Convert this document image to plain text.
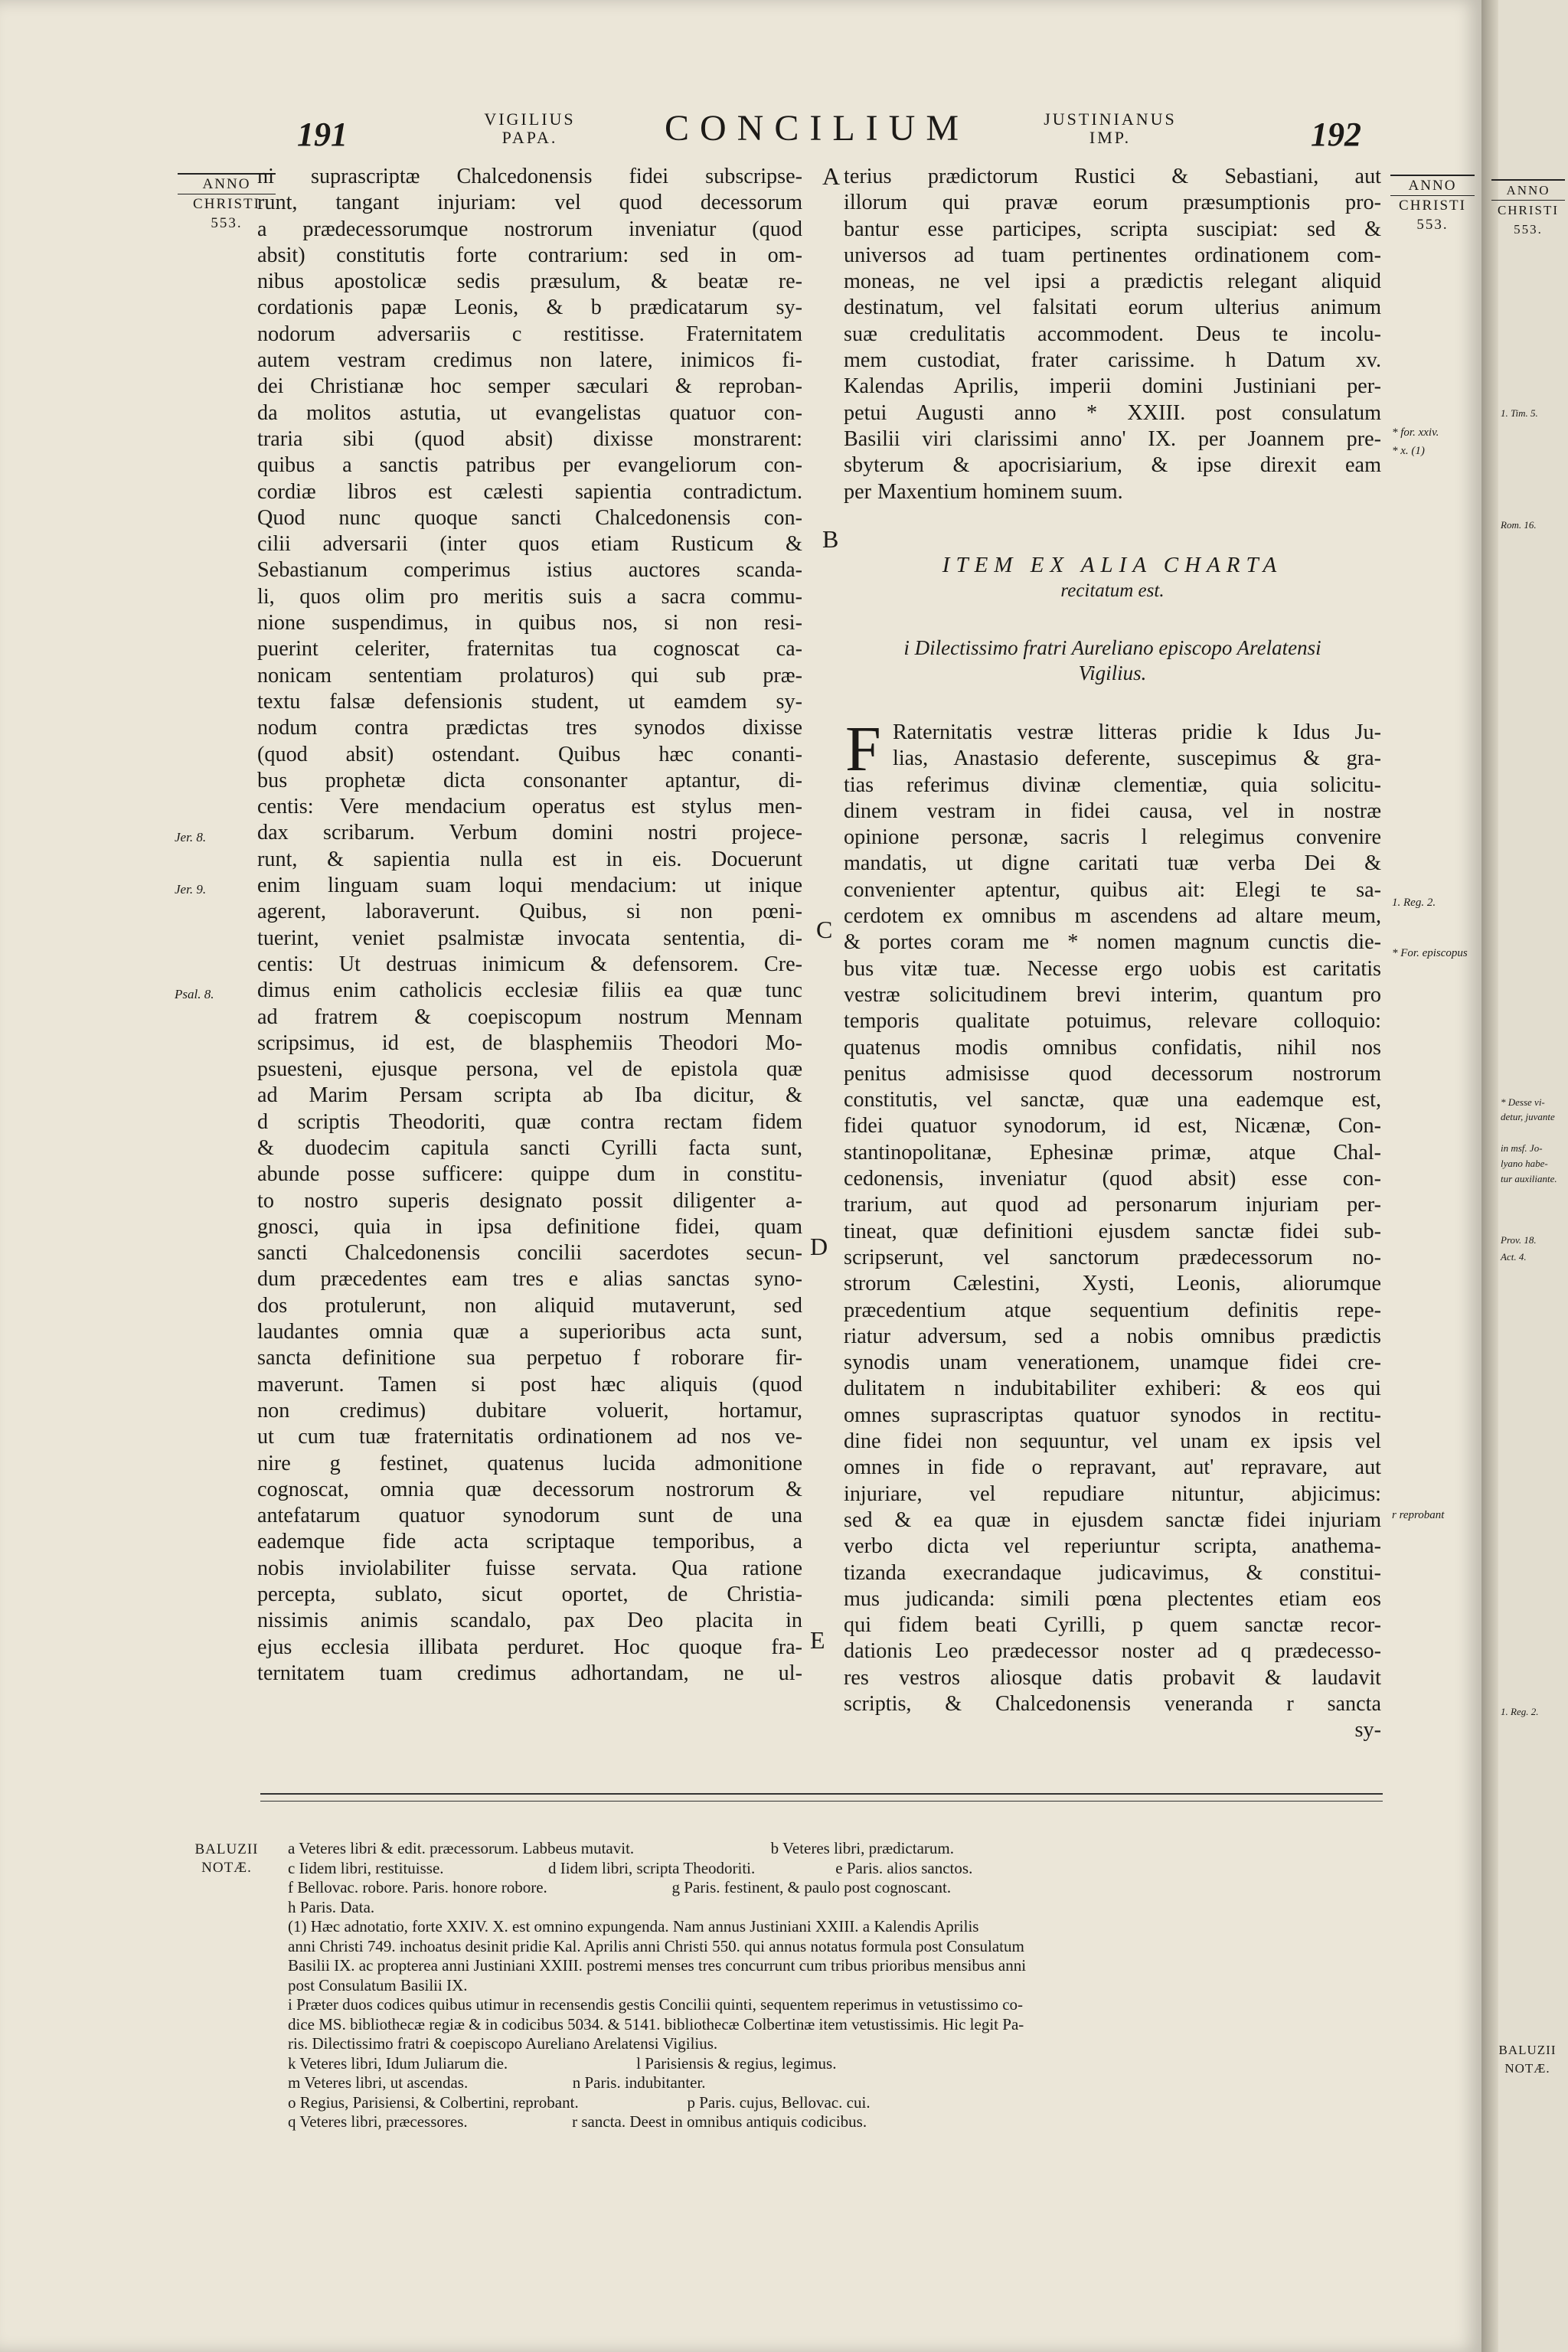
191	VIGILIUS
PAPA.	CONCILIUM	JUSTINIANUS
IMP.	192
ANNO
CHRISTI
553.
ANNO
CHRISTI
553.
ANNO
CHRISTI
553.
Jer. 8.
Jer. 9.
Psal. 8.
A
B
C
D
E

ni suprascriptæ Chalcedonensis fidei subscripse-

runt, tangant injuriam: vel quod decessorum

a prædecessorumque nostrorum inveniatur (quod

absit) constitutis forte contrarium: sed in om-

nibus apostolicæ sedis præsulum, & beatæ re-

cordationis papæ Leonis, & b prædicatarum sy-

nodorum adversariis c restitisse. Fraternitatem

autem vestram credimus non latere, inimicos fi-

dei Christianæ hoc semper sæculari & reproban-

da molitos astutia, ut evangelistas quatuor con-

traria sibi (quod absit) dixisse monstrarent:

quibus a sanctis patribus per evangeliorum con-

cordiæ libros est cælesti sapientia contradictum.

Quod nunc quoque sancti Chalcedonensis con-

cilii adversarii (inter quos etiam Rusticum &

Sebastianum comperimus istius auctores scanda-

li, quos olim pro meritis suis a sacra commu-

nione suspendimus, in quibus nos, si non resi-

puerint celeriter, fraternitas tua cognoscat ca-

nonicam sententiam prolaturos) qui sub præ-

textu falsæ defensionis student, ut eamdem sy-

nodum contra prædictas tres synodos dixisse

(quod absit) ostendant. Quibus hæc conanti-

bus prophetæ dicta consonanter aptantur, di-

centis: Vere mendacium operatus est stylus men-

dax scribarum. Verbum domini nostri projece-

runt, & sapientia nulla est in eis. Docuerunt

enim linguam suam loqui mendacium: ut inique

agerent, laboraverunt. Quibus, si non pœni-

tuerint, veniet psalmistæ invocata sententia, di-

centis: Ut destruas inimicum & defensorem. Cre-

dimus enim catholicis ecclesiæ filiis ea quæ tunc

ad fratrem & coepiscopum nostrum Mennam

scripsimus, id est, de blasphemiis Theodori Mo-

psuesteni, ejusque persona, vel de epistola quæ

ad Marim Persam scripta ab Iba dicitur, &

d scriptis Theodoriti, quæ contra rectam fidem

& duodecim capitula sancti Cyrilli facta sunt,

abunde posse sufficere: quippe dum in constitu-

to nostro superis designato possit diligenter a-

gnosci, quia in ipsa definitione fidei, quam

sancti Chalcedonensis concilii sacerdotes secun-

dum præcedentes eam tres e alias sanctas syno-

dos protulerunt, non aliquid mutaverunt, sed

laudantes omnia quæ a superioribus acta sunt,

sancta definitione sua perpetuo f roborare fir-

maverunt. Tamen si post hæc aliquis (quod

non credimus) dubitare voluerit, hortamur,

ut cum tuæ fraternitatis ordinationem ad nos ve-

nire g festinet, quatenus lucida admonitione

cognoscat, omnia quæ decessorum nostrorum &

antefatarum quatuor synodorum sunt de una

eademque fide acta scriptaque temporibus, a

nobis inviolabiliter fuisse servata. Qua ratione

percepta, sublato, sicut oportet, de Christia-

nissimis animis scandalo, pax Deo placita in

ejus ecclesia illibata perduret. Hoc quoque fra-

ternitatem tuam credimus adhortandam, ne ul-

terius prædictorum Rustici & Sebastiani, aut

illorum qui pravæ eorum præsumptionis pro-

bantur esse participes, scripta suscipiat: sed &

universos ad tuam pertinentes ordinationem com-

moneas, ne vel ipsi a prædictis relegant aliquid

destinatum, vel falsitati eorum ulterius animum

suæ credulitatis accommodent. Deus te incolu-

mem custodiat, frater carissime. h Datum xv.

Kalendas Aprilis, imperii domini Justiniani per-

petui Augusti anno * XXIII. post consulatum

Basilii viri clarissimi anno' IX. per Joannem pre-

sbyterum & apocrisiarium, & ipse direxit eam

per Maxentium hominem suum.

ITEM EX ALIA CHARTA
recitatum est.
i Dilectissimo fratri Aureliano episcopo Arelatensi
Vigilius.
F Raternitatis vestræ litteras pridie k Idus Ju-

lias, Anastasio deferente, suscepimus & gra-

tias referimus divinæ clementiæ, quia solicitu-

dinem vestram in fidei causa, vel in nostræ

opinione personæ, sacris l relegimus convenire

mandatis, ut digne caritati tuæ verba Dei &

convenienter aptentur, quibus ait: Elegi te sa-

cerdotem ex omnibus m ascendens ad altare meum,

& portes coram me * nomen magnum cunctis die-

bus vitæ tuæ. Necesse ergo uobis est caritatis

vestræ solicitudinem brevi interim, quantum pro

temporis qualitate potuimus, relevare colloquio:

quatenus modis omnibus confidatis, nihil nos

penitus admisisse quod decessorum nostrorum

constitutis, vel sanctæ, quæ una eademque est,

fidei quatuor synodorum, id est, Nicænæ, Con-

stantinopolitanæ, Ephesinæ primæ, atque Chal-

cedonensis, inveniatur (quod absit) esse con-

trarium, aut quod ad personarum injuriam per-

tineat, quæ definitioni ejusdem sanctæ fidei sub-

scripserunt, vel sanctorum prædecessorum no-

strorum Cælestini, Xysti, Leonis, aliorumque

præcedentium atque sequentium definitis repe-

riatur adversum, sed a nobis omnibus prædictis

synodis unam venerationem, unamque fidei cre-

dulitatem n indubitabiliter exhiberi: & eos qui

omnes suprascriptas quatuor synodos in rectitu-

dine fidei non sequuntur, vel unam ex ipsis vel

omnes in fide o repravant, aut' repravare, aut

injuriare, vel repudiare nituntur, abjicimus:

sed & ea quæ in ejusdem sanctæ fidei injuriam

verbo dicta vel reperiuntur scripta, anathema-

tizanda execrandaque judicavimus, & constitui-

mus judicanda: simili pœna plectentes etiam eos

qui fidem beati Cyrilli, p quem sanctæ recor-

dationis Leo prædecessor noster ad q prædecesso-

res vestros aliosque datis probavit & laudavit

scriptis, & Chalcedonensis veneranda r sancta

sy-

* for. xxiv.
* x. (1)
1. Reg. 2.
* For. episcopus
r reprobant
1. Tim. 5.
Rom. 16.
* Desse vi-detur, juvante
in msf. Jo-
lyano habe-
tur auxiliante.
Prov. 18.
Act. 4.
1. Reg. 2.
BALUZII
NOTÆ.
BALUZII
NOTÆ.
a Veteres libri & edit. præcessorum. Labbeus mutavit.                                  b Veteres libri, prædictarum.
c Iidem libri, restituisse.                          d Iidem libri, scripta Theodoriti.                    e Paris. alios sanctos.
f Bellovac. robore. Paris. honore robore.                               g Paris. festinent, & paulo post cognoscant.
h Paris. Data.
(1) Hæc adnotatio, forte XXIV. X. est omnino expungenda. Nam annus Justiniani XXIII. a Kalendis Aprilis
anni Christi 749. inchoatus desinit pridie Kal. Aprilis anni Christi 550. qui annus notatus formula post Consulatum
Basilii IX. ac propterea anni Justiniani XXIII. postremi menses tres concurrunt cum tribus prioribus mensibus anni
post Consulatum Basilii IX.
i Præter duos codices quibus utimur in recensendis gestis Concilii quinti, sequentem reperimus in vetustissimo co-
dice MS. bibliothecæ regiæ & in codicibus 5034. & 5141. bibliothecæ Colbertinæ item vetustissimis. Hic legit Pa-
ris. Dilectissimo fratri & coepiscopo Aureliano Arelatensi Vigilius.
k Veteres libri, Idum Juliarum die.                                l Parisiensis & regius, legimus.
m Veteres libri, ut ascendas.                          n Paris. indubitanter.
o Regius, Parisiensi, & Colbertini, reprobant.                           p Paris. cujus, Bellovac. cui.
q Veteres libri, præcessores.                          r sancta. Deest in omnibus antiquis codicibus.
